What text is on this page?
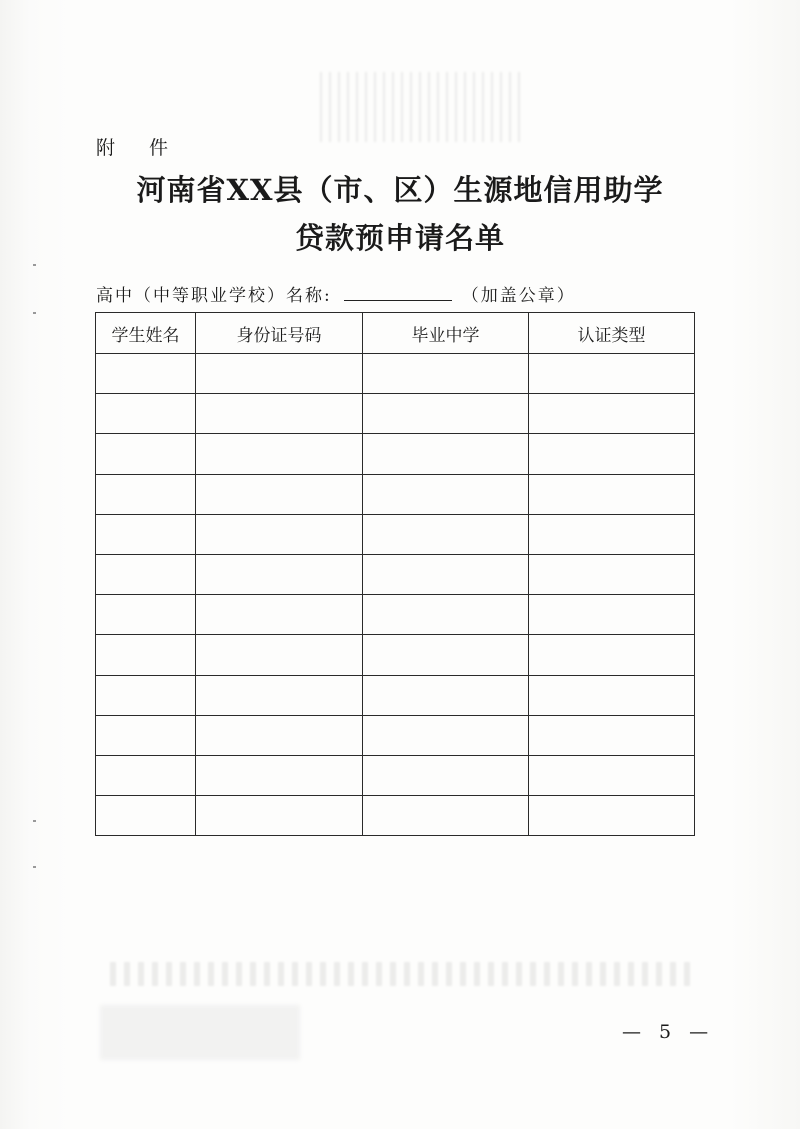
附 件
河南省XX县（市、区）生源地信用助学
贷款预申请名单
高中（中等职业学校）名称:	（加盖公章）
学生姓名	身份证号码	毕业中学	认证类型

— 5 —
